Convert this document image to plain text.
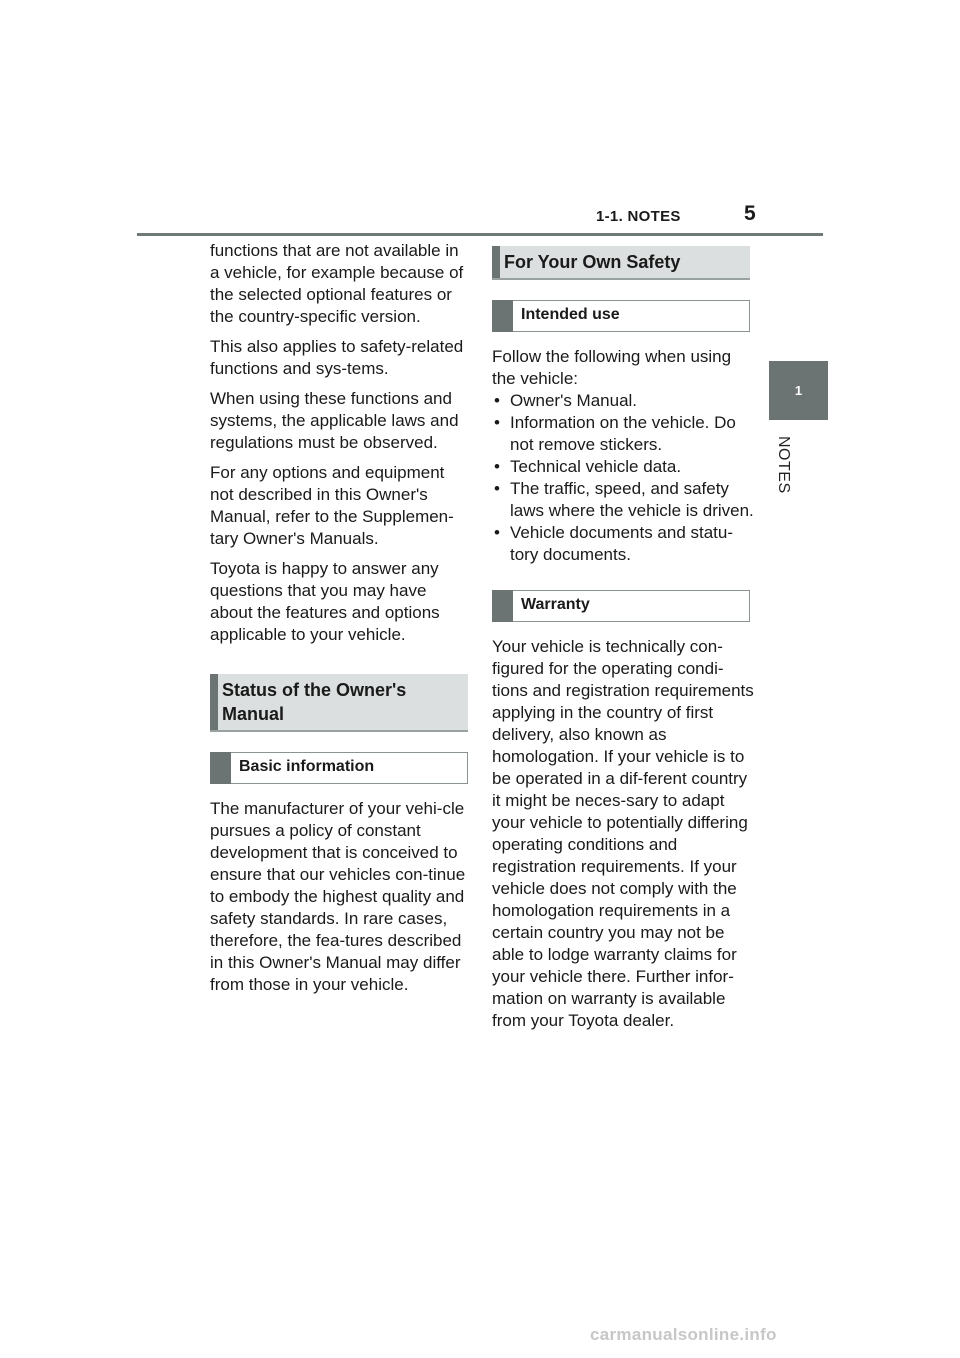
1-1. NOTES	5
1
NOTES

functions that are not available in a vehicle, for example because of the selected optional features or the country-specific version.

This also applies to safety-related functions and sys-tems.

When using these functions and systems, the applicable laws and regulations must be observed.

For any options and equipment not described in this Owner's Manual, refer to the Supplemen-tary Owner's Manuals.

Toyota is happy to answer any questions that you may have about the features and options applicable to your vehicle.

Status of the Owner's Manual
Basic information

The manufacturer of your vehi-cle pursues a policy of constant development that is conceived to ensure that our vehicles con-tinue to embody the highest quality and safety standards. In rare cases, therefore, the fea-tures described in this Owner's Manual may differ from those in your vehicle.

For Your Own Safety
Intended use

Follow the following when using the vehicle:

• Owner's Manual.
• Information on the vehicle. Do not remove stickers.
• Technical vehicle data.
• The traffic, speed, and safety laws where the vehicle is driven.
• Vehicle documents and statu-tory documents.
Warranty

Your vehicle is technically con-figured for the operating condi-tions and registration requirements applying in the country of first delivery, also known as homologation. If your vehicle is to be operated in a dif-ferent country it might be neces-sary to adapt your vehicle to potentially differing operating conditions and registration requirements. If your vehicle does not comply with the homologation requirements in a certain country you may not be able to lodge warranty claims for your vehicle there. Further infor-mation on warranty is available from your Toyota dealer.

carmanualsonline.info
